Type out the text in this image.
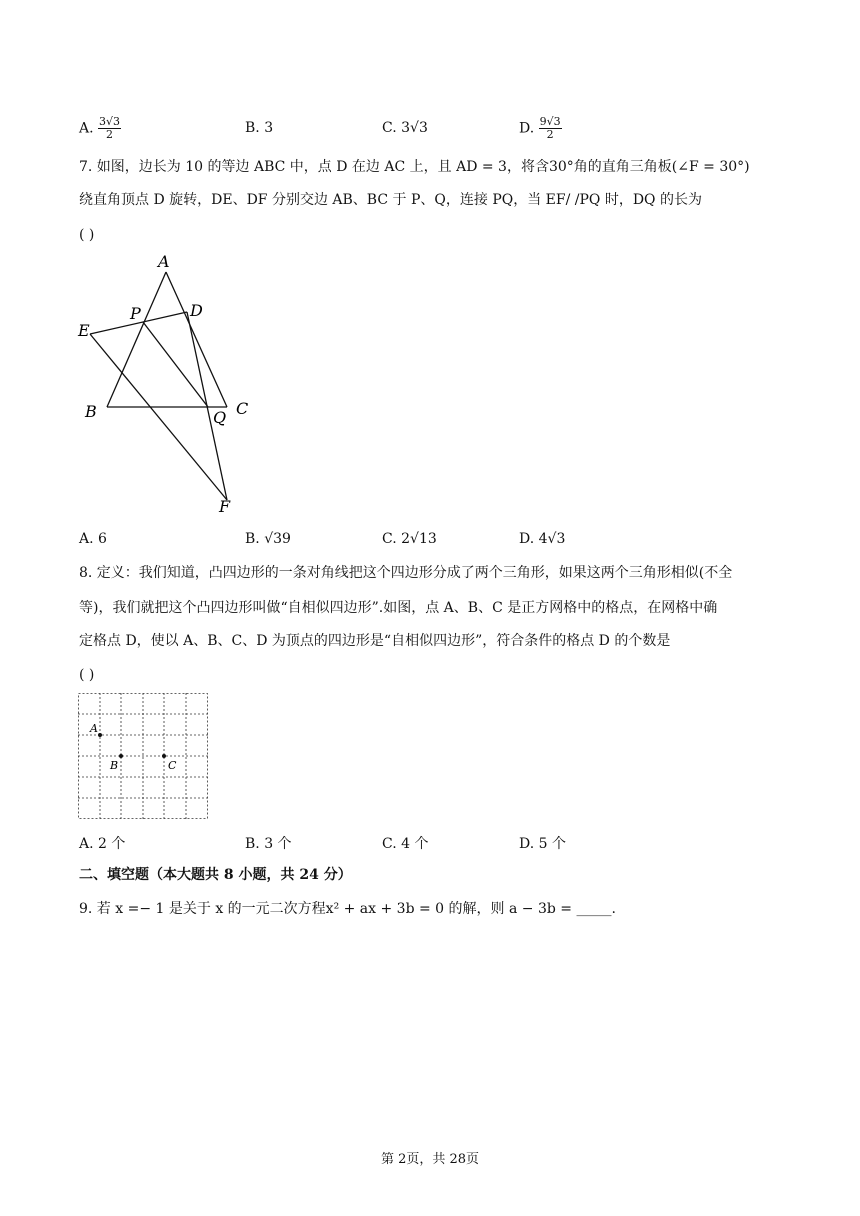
A. $\frac{3√3}{2}$	B. 3	C. 3√3	D. $\frac{9√3}{2}$
7. 如图，边长为 10 的等边 ABC 中，点 D 在边 AC 上，且 AD = 3，将含30°角的直角三角板(∠F = 30°)
绕直角顶点 D 旋转，DE、DF 分别交边 AB、BC 于 P、Q，连接 PQ，当 EF/ /PQ 时，DQ 的长为
( )
A
P	D
E
B	Q C
F
A. 6	B. √39	C. 2√13	D. 4√3
8. 定义：我们知道，凸四边形的一条对角线把这个四边形分成了两个三角形，如果这两个三角形相似(不全
等)，我们就把这个凸四边形叫做“自相似四边形”.如图，点 A、B、C 是正方网格中的格点，在网格中确
定格点 D，使以 A、B、C、D 为顶点的四边形是“自相似四边形”，符合条件的格点 D 的个数是
( )
A
B	C
A. 2 个	B. 3 个	C. 4 个	D. 5 个
二、填空题（本大题共 8 小题，共 24 分）
9. 若 x =− 1 是关于 x 的一元二次方程x² + ax + 3b = 0 的解，则 a − 3b = _____.
第 2页，共 28页
